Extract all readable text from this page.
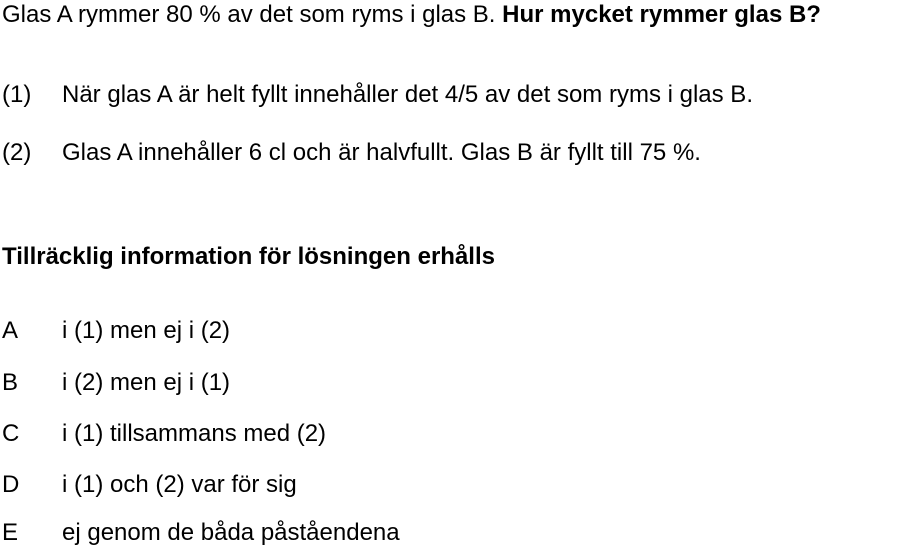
Glas A rymmer 80 % av det som ryms i glas B. Hur mycket rymmer glas B?
(1) När glas A är helt fyllt innehåller det 4/5 av det som ryms i glas B.
(2) Glas A innehåller 6 cl och är halvfullt. Glas B är fyllt till 75 %.
Tillräcklig information för lösningen erhålls
A i (1) men ej i (2)
B i (2) men ej i (1)
C i (1) tillsammans med (2)
D i (1) och (2) var för sig
E ej genom de båda påståendena
